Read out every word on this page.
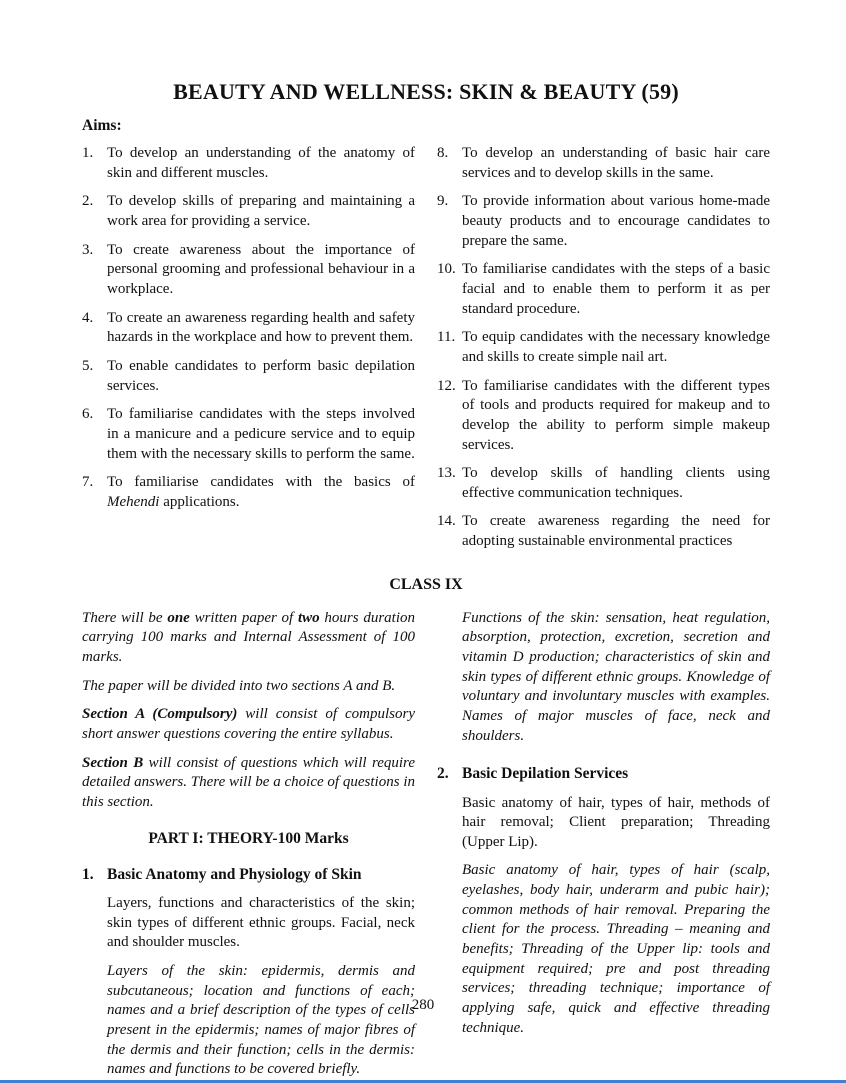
BEAUTY AND WELLNESS: SKIN & BEAUTY (59)
Aims:
1. To develop an understanding of the anatomy of skin and different muscles.
2. To develop skills of preparing and maintaining a work area for providing a service.
3. To create awareness about the importance of personal grooming and professional behaviour in a workplace.
4. To create an awareness regarding health and safety hazards in the workplace and how to prevent them.
5. To enable candidates to perform basic depilation services.
6. To familiarise candidates with the steps involved in a manicure and a pedicure service and to equip them with the necessary skills to perform the same.
7. To familiarise candidates with the basics of Mehendi applications.
8. To develop an understanding of basic hair care services and to develop skills in the same.
9. To provide information about various home-made beauty products and to encourage candidates to prepare the same.
10. To familiarise candidates with the steps of a basic facial and to enable them to perform it as per standard procedure.
11. To equip candidates with the necessary knowledge and skills to create simple nail art.
12. To familiarise candidates with the different types of tools and products required for makeup and to develop the ability to perform simple makeup services.
13. To develop skills of handling clients using effective communication techniques.
14. To create awareness regarding the need for adopting sustainable environmental practices
CLASS IX

There will be one written paper of two hours duration carrying 100 marks and Internal Assessment of 100 marks.

The paper will be divided into two sections A and B.

Section A (Compulsory) will consist of compulsory short answer questions covering the entire syllabus.

Section B will consist of questions which will require detailed answers. There will be a choice of questions in this section.

PART I: THEORY-100 Marks
1. Basic Anatomy and Physiology of Skin

Layers, functions and characteristics of the skin; skin types of different ethnic groups. Facial, neck and shoulder muscles.

Layers of the skin: epidermis, dermis and subcutaneous; location and functions of each; names and a brief description of the types of cells present in the epidermis; names of major fibres of the dermis and their function; cells in the dermis: names and functions to be covered briefly.

Functions of the skin: sensation, heat regulation, absorption, protection, excretion, secretion and vitamin D production; characteristics of skin and skin types of different ethnic groups. Knowledge of voluntary and involuntary muscles with examples. Names of major muscles of face, neck and shoulders.

2. Basic Depilation Services

Basic anatomy of hair, types of hair, methods of hair removal; Client preparation; Threading (Upper Lip).

Basic anatomy of hair, types of hair (scalp, eyelashes, body hair, underarm and pubic hair); common methods of hair removal. Preparing the client for the process. Threading – meaning and benefits; Threading of the Upper lip: tools and equipment required; pre and post threading services; threading technique; importance of applying safe, quick and effective threading technique.

280
